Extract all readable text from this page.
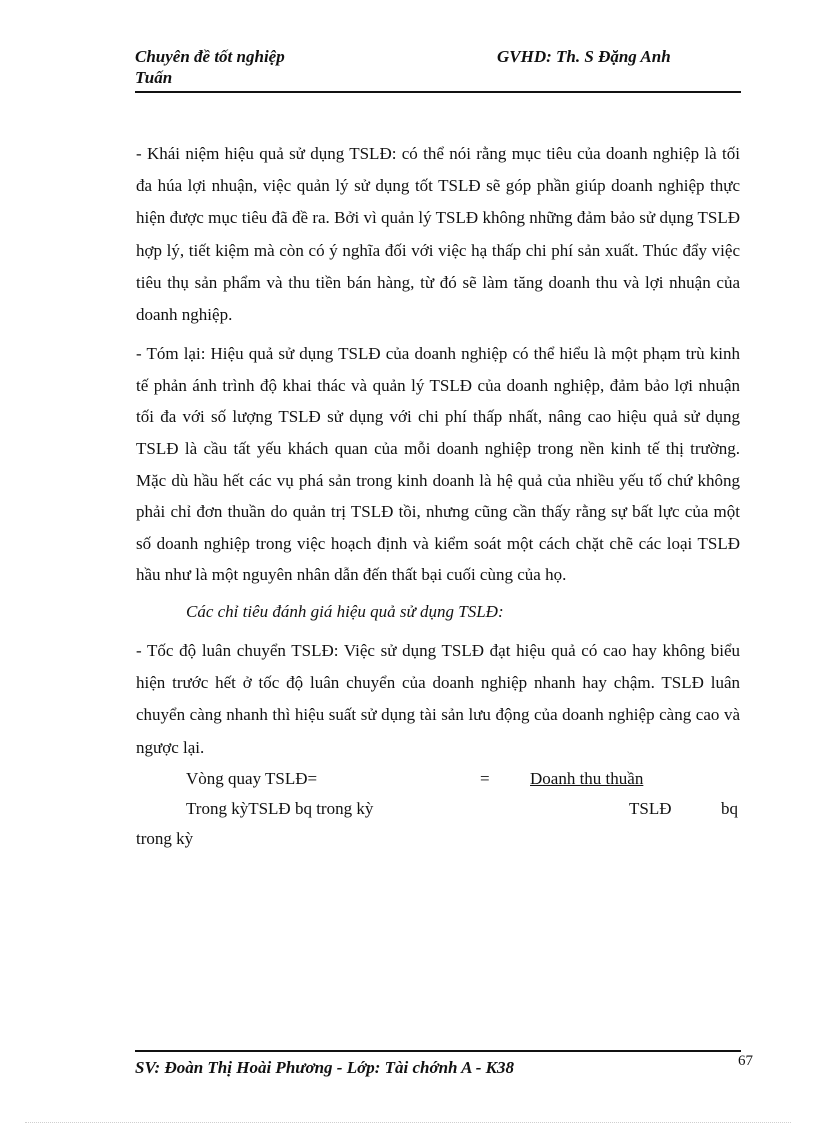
Chuyên đề tốt nghiệp
Tuấn
GVHD: Th. S Đặng Anh

- Khái niệm hiệu quả sử dụng TSLĐ: có thể nói rằng mục tiêu của doanh nghiệp là tối đa húa lợi nhuận, việc quản lý sử dụng tốt TSLĐ sẽ góp phần giúp doanh nghiệp thực hiện được mục tiêu đã đề ra. Bởi vì quản lý TSLĐ không những đảm bảo sử dụng TSLĐ hợp lý, tiết kiệm mà còn có ý nghĩa đối với việc hạ thấp chi phí sản xuất. Thúc đẩy việc tiêu thụ sản phẩm và thu tiền bán hàng, từ đó sẽ làm tăng doanh thu và lợi nhuận của doanh nghiệp.

- Tóm lại: Hiệu quả sử dụng TSLĐ của doanh nghiệp có thể hiểu là một phạm trù kinh tế phản ánh trình độ khai thác và quản lý TSLĐ của doanh nghiệp, đảm bảo lợi nhuận tối đa với số lượng TSLĐ sử dụng với chi phí thấp nhất, nâng cao hiệu quả sử dụng TSLĐ là cầu tất yếu khách quan của mỗi doanh nghiệp trong nền kinh tế thị trường. Mặc dù hầu hết các vụ phá sản trong kinh doanh là hệ quả của nhiều yếu tố chứ không phải chỉ đơn thuần do quản trị TSLĐ tồi, nhưng cũng cần thấy rằng sự bất lực của một số doanh nghiệp trong việc hoạch định và kiểm soát một cách chặt chẽ các loại TSLĐ hầu như là một nguyên nhân dẫn đến thất bại cuối cùng của họ.

Các chỉ tiêu đánh giá hiệu quả sử dụng TSLĐ:

- Tốc độ luân chuyển TSLĐ: Việc sử dụng TSLĐ đạt hiệu quả có cao hay không biểu hiện trước hết ở tốc độ luân chuyển của doanh nghiệp nhanh hay chậm. TSLĐ luân chuyển càng nhanh thì hiệu suất sử dụng tài sản lưu động của doanh nghiệp càng cao và ngược lại.

Vòng quay TSLĐ=	= Doanh thu thuần
Trong kỳTSLĐ bq trong kỳ	TSLĐ	bq
trong kỳ
SV: Đoàn Thị Hoài Phương - Lớp: Tài chớnh A - K38	67
